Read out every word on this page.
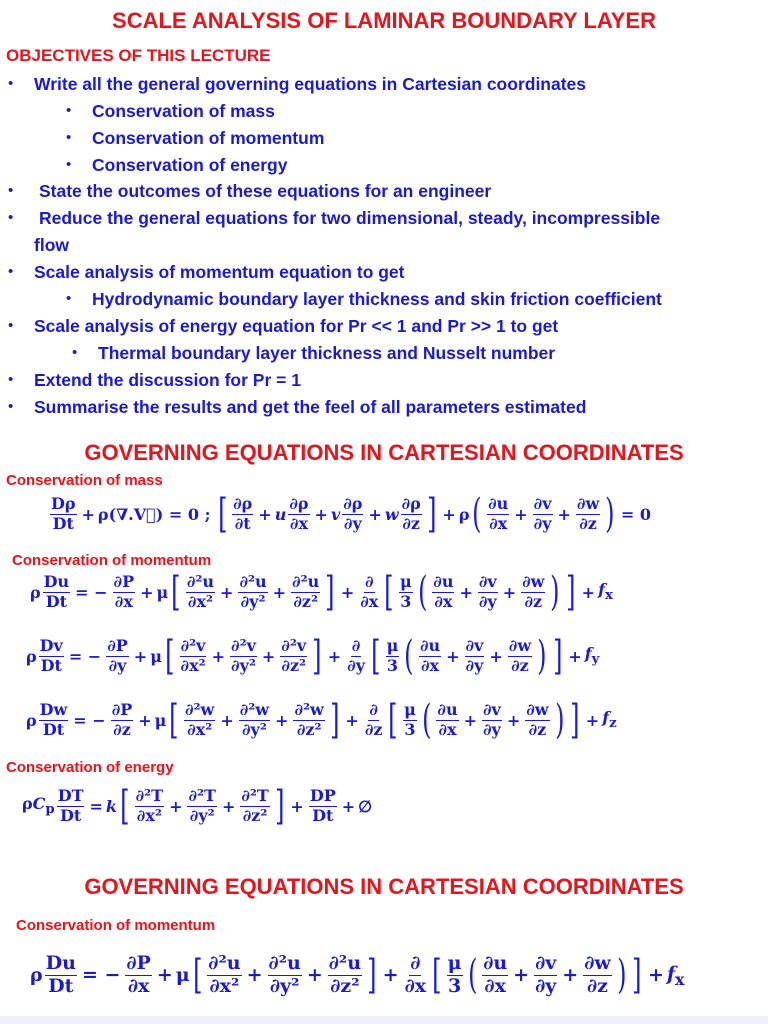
SCALE ANALYSIS OF LAMINAR BOUNDARY LAYER
OBJECTIVES OF THIS LECTURE
• Write all the general governing equations in Cartesian coordinates
• Conservation of mass
• Conservation of momentum
• Conservation of energy
• State the outcomes of these equations for an engineer
• Reduce the general equations for two dimensional, steady, incompressible
flow
• Scale analysis of momentum equation to get
• Hydrodynamic boundary layer thickness and skin friction coefficient
• Scale analysis of energy equation for Pr << 1 and Pr >> 1 to get
• Thermal boundary layer thickness and Nusselt number
• Extend the discussion for Pr = 1
• Summarise the results and get the feel of all parameters estimated
GOVERNING EQUATIONS IN CARTESIAN COORDINATES
Conservation of mass
$\frac{D\rho}{Dt}$ + ρ(∇.V⃗) = 0 ; [ $\frac{\partial\rho}{\partial t} + u \frac{\partial\rho}{\partial x} + v \frac{\partial\rho}{\partial y} + w \frac{\partial\rho}{\partial z}$ ] + ρ ( $\frac{\partial u}{\partial x} + \frac{\partial v}{\partial y} + \frac{\partial w}{\partial z}$ ) = 0
Conservation of momentum
ρ $\frac{Du}{Dt}$ = − $\frac{\partial P}{\partial x} + \mu$ [ $\frac{\text{∂²u}}{\text{∂x²}} + \frac{\text{∂²u}}{\text{∂y²}} + \frac{\text{∂²u}}{\text{∂z²}}$ ] + $\frac{\partial}{\partial x}$ [ $\frac{\mu}{3}$ ( $\frac{\partial u}{\partial x} + \frac{\partial v}{\partial y} + \frac{\partial w}{\partial z}$ ) ] + $f_x$
ρ $\frac{Dv}{Dt}$ = − $\frac{\partial P}{\partial y} + \mu$ [ $\frac{\text{∂²v}}{\text{∂x²}} + \frac{\text{∂²v}}{\text{∂y²}} + \frac{\text{∂²v}}{\text{∂z²}}$ ] + $\frac{\partial}{\partial y}$ [ $\frac{\mu}{3}$ ( $\frac{\partial u}{\partial x} + \frac{\partial v}{\partial y} + \frac{\partial w}{\partial z}$ ) ] + $f_y$
ρ $\frac{Dw}{Dt}$ = − $\frac{\partial P}{\partial z} + \mu$ [ $\frac{\text{∂²w}}{\text{∂x²}} + \frac{\text{∂²w}}{\text{∂y²}} + \frac{\text{∂²w}}{\text{∂z²}}$ ] + $\frac{\partial}{\partial z}$ [ $\frac{\mu}{3}$ ( $\frac{\partial u}{\partial x} + \frac{\partial v}{\partial y} + \frac{\partial w}{\partial z}$ ) ] + $f_z$
Conservation of energy
$\rho C_p \frac{DT}{Dt} = k$ [ $\frac{\text{∂²T}}{\text{∂x²}} + \frac{\text{∂²T}}{\text{∂y²}} + \frac{\text{∂²T}}{\text{∂z²}}$ ] + $\frac{DP}{Dt}$ + ∅
GOVERNING EQUATIONS IN CARTESIAN COORDINATES
Conservation of momentum
ρ $\frac{Du}{Dt}$ = − $\frac{\partial P}{\partial x} + \mu$ [ $\frac{\text{∂²u}}{\text{∂x²}} + \frac{\text{∂²u}}{\text{∂y²}} + \frac{\text{∂²u}}{\text{∂z²}}$ ] + $\frac{\partial}{\partial x}$ [ $\frac{\mu}{3}$ ( $\frac{\partial u}{\partial x} + \frac{\partial v}{\partial y} + \frac{\partial w}{\partial z}$ ) ] + $f_x$
